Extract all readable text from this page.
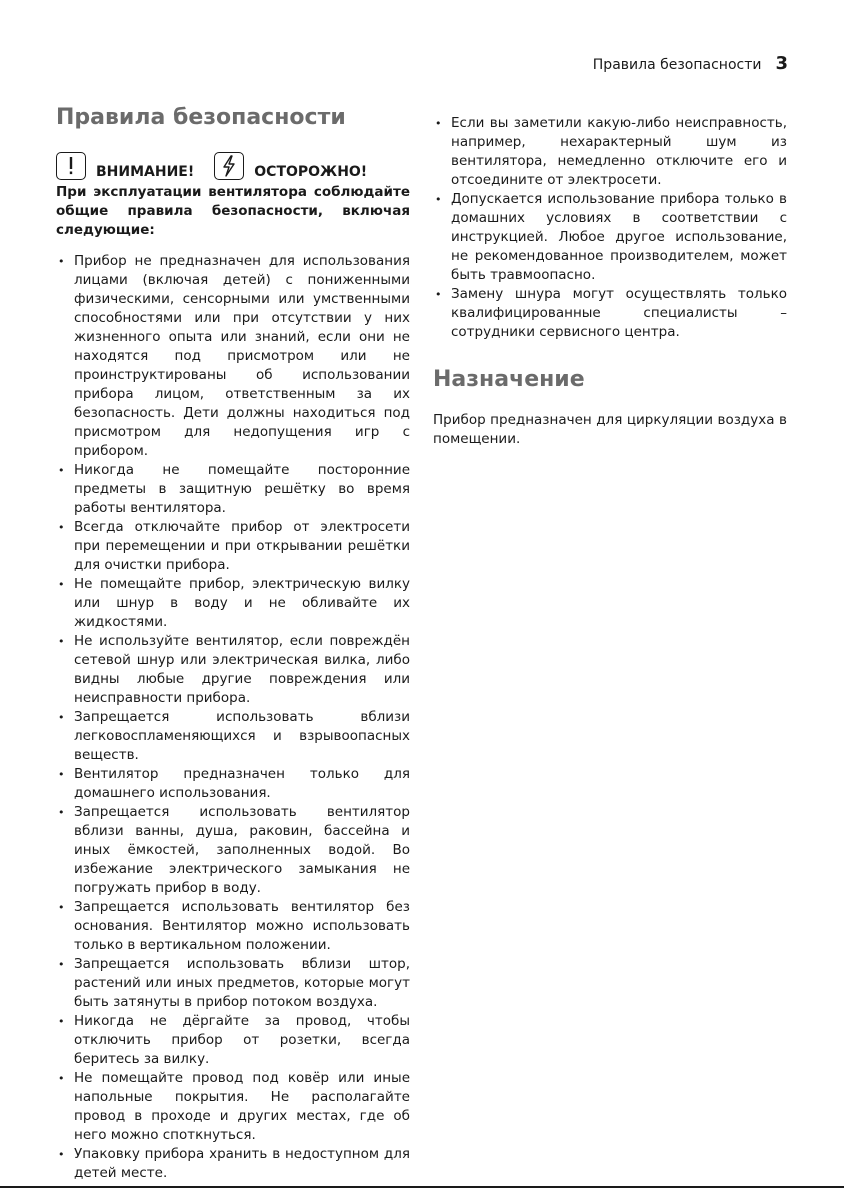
Правила безопасности 3
Правила безопасности
ВНИМАНИЕ!	ОСТОРОЖНО!

При эксплуатации вентилятора соблюдайте общие правила безопасности, включая следующие:

• Прибор не предназначен для использования лицами (включая детей) с пониженными физическими, сенсорными или умственными способностями или при отсутствии у них жизненного опыта или знаний, если они не находятся под присмотром или не проинструктированы об использовании прибора лицом, ответственным за их безопасность. Дети должны находиться под присмотром для недопущения игр с прибором.
• Никогда не помещайте посторонние предметы в защитную решётку во время работы вентилятора.
• Всегда отключайте прибор от электросети при перемещении и при открывании решётки для очистки прибора.
• Не помещайте прибор, электрическую вилку или шнур в воду и не обливайте их жидкостями.
• Не используйте вентилятор, если повреждён сетевой шнур или электрическая вилка, либо видны любые другие повреждения или неисправности прибора.
• Запрещается использовать вблизи легковоспламеняющихся и взрывоопасных веществ.
• Вентилятор предназначен только для домашнего использования.
• Запрещается использовать вентилятор вблизи ванны, душа, раковин, бассейна и иных ёмкостей, заполненных водой. Во избежание электрического замыкания не погружать прибор в воду.
• Запрещается использовать вентилятор без основания. Вентилятор можно использовать только в вертикальном положении.
• Запрещается использовать вблизи штор, растений или иных предметов, которые могут быть затянуты в прибор потоком воздуха.
• Никогда не дёргайте за провод, чтобы отключить прибор от розетки, всегда беритесь за вилку.
• Не помещайте провод под ковёр или иные напольные покрытия. Не располагайте провод в проходе и других местах, где об него можно споткнуться.
• Упаковку прибора хранить в недоступном для детей месте.
• Если вы заметили какую-либо неисправность, например, нехарактерный шум из вентилятора, немедленно отключите его и отсоедините от электросети.
• Допускается использование прибора только в домашних условиях в соответствии с инструкцией. Любое другое использование, не рекомендованное производителем, может быть травмоопасно.
• Замену шнура могут осуществлять только квалифицированные специалисты – сотрудники сервисного центра.
Назначение

Прибор предназначен для циркуляции воздуха в помещении.
